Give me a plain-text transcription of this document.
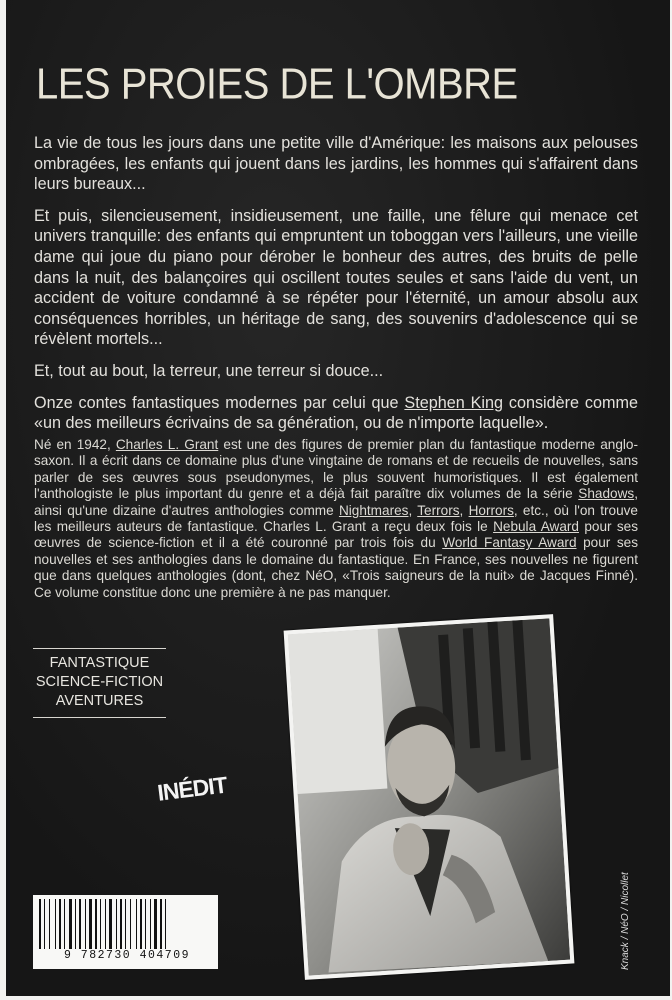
LES PROIES DE L'OMBRE

La vie de tous les jours dans une petite ville d'Amérique: les maisons aux pelouses ombragées, les enfants qui jouent dans les jardins, les hommes qui s'affairent dans leurs bureaux...

Et puis, silencieusement, insidieusement, une faille, une fêlure qui menace cet univers tranquille: des enfants qui empruntent un toboggan vers l'ailleurs, une vieille dame qui joue du piano pour dérober le bonheur des autres, des bruits de pelle dans la nuit, des balançoires qui oscillent toutes seules et sans l'aide du vent, un accident de voiture condamné à se répéter pour l'éternité, un amour absolu aux conséquences horribles, un héritage de sang, des souvenirs d'adolescence qui se révèlent mortels...

Et, tout au bout, la terreur, une terreur si douce...

Onze contes fantastiques modernes par celui que Stephen King considère comme «un des meilleurs écrivains de sa génération, ou de n'importe laquelle».

Né en 1942, Charles L. Grant est une des figures de premier plan du fantastique moderne anglo-saxon. Il a écrit dans ce domaine plus d'une vingtaine de romans et de recueils de nouvelles, sans parler de ses œuvres sous pseudonymes, le plus souvent humoristiques. Il est également l'anthologiste le plus important du genre et a déjà fait paraître dix volumes de la série Shadows, ainsi qu'une dizaine d'autres anthologies comme Nightmares, Terrors, Horrors, etc., où l'on trouve les meilleurs auteurs de fantastique. Charles L. Grant a reçu deux fois le Nebula Award pour ses œuvres de science-fiction et il a été couronné par trois fois du World Fantasy Award pour ses nouvelles et ses anthologies dans le domaine du fantastique. En France, ses nouvelles ne figurent que dans quelques anthologies (dont, chez NéO, «Trois saigneurs de la nuit» de Jacques Finné). Ce volume constitue donc une première à ne pas manquer.
FANTASTIQUE
SCIENCE-FICTION
AVENTURES
INÉDIT
9 782730 404709	Knack / NéO / Nicollet
